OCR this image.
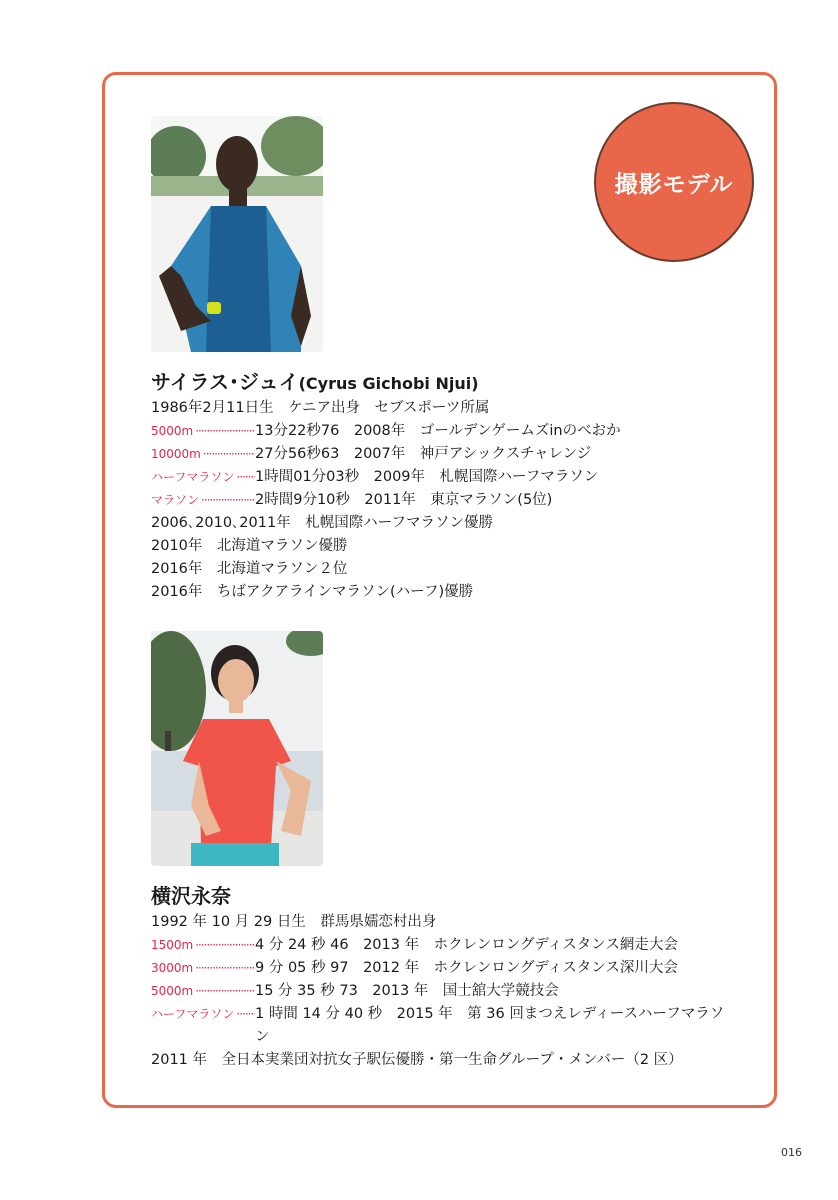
撮影モデル
サイラス･ジュイ(Cyrus Gichobi Njui)
1986年2月11日生　ケニア出身　セブスポーツ所属
5000m ·····	13分22秒76　2008年　ゴールデンゲームズinのべおか
10000m ·····	27分56秒63　2007年　神戸アシックスチャレンジ
ハーフマラソン ····· 1時間01分03秒　2009年　札幌国際ハーフマラソン
マラソン ·····	2時間9分10秒　2011年　東京マラソン(5位)
2006､2010､2011年　札幌国際ハーフマラソン優勝
2010年　北海道マラソン優勝
2016年　北海道マラソン２位
2016年　ちばアクアラインマラソン(ハーフ)優勝
横沢永奈
1992 年 10 月 29 日生　群馬県嬬恋村出身
1500m ·····	4 分 24 秒 46　2013 年　ホクレンロングディスタンス網走大会
3000m ·····	9 分 05 秒 97　2012 年　ホクレンロングディスタンス深川大会
5000m ·····	15 分 35 秒 73　2013 年　国士舘大学競技会
ハーフマラソン ····· 1 時間 14 分 40 秒　2015 年　第 36 回まつえレディースハーフマラソン
2011 年　全日本実業団対抗女子駅伝優勝・第一生命グループ・メンバー（2 区）
016
